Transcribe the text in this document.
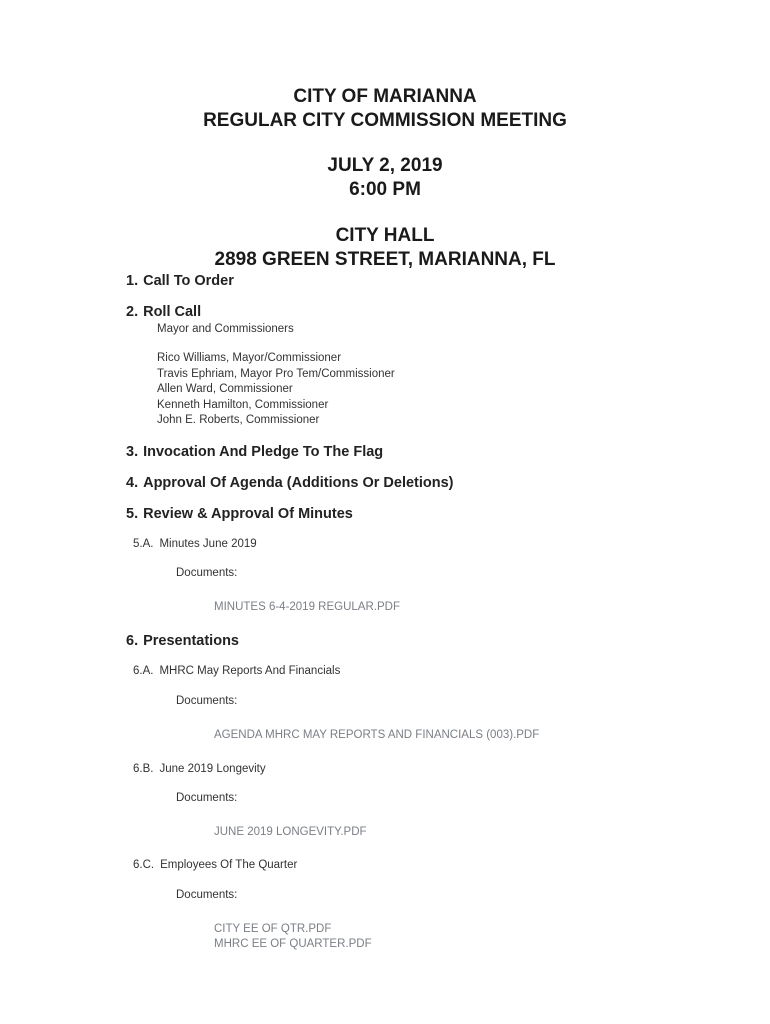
CITY OF MARIANNA
REGULAR CITY COMMISSION MEETING
JULY 2, 2019
6:00 PM
CITY HALL
2898 GREEN STREET, MARIANNA, FL
1. Call To Order
2. Roll Call
Mayor and Commissioners
Rico Williams, Mayor/Commissioner
Travis Ephriam, Mayor Pro Tem/Commissioner
Allen Ward, Commissioner
Kenneth Hamilton, Commissioner
John E. Roberts, Commissioner
3. Invocation And Pledge To The Flag
4. Approval Of Agenda (Additions Or Deletions)
5. Review & Approval Of Minutes
5.A. Minutes June 2019
Documents:
MINUTES 6-4-2019 REGULAR.PDF
6. Presentations
6.A. MHRC May Reports And Financials
Documents:
AGENDA MHRC MAY REPORTS AND FINANCIALS (003).PDF
6.B. June 2019 Longevity
Documents:
JUNE 2019 LONGEVITY.PDF
6.C. Employees Of The Quarter
Documents:
CITY EE OF QTR.PDF
MHRC EE OF QUARTER.PDF
